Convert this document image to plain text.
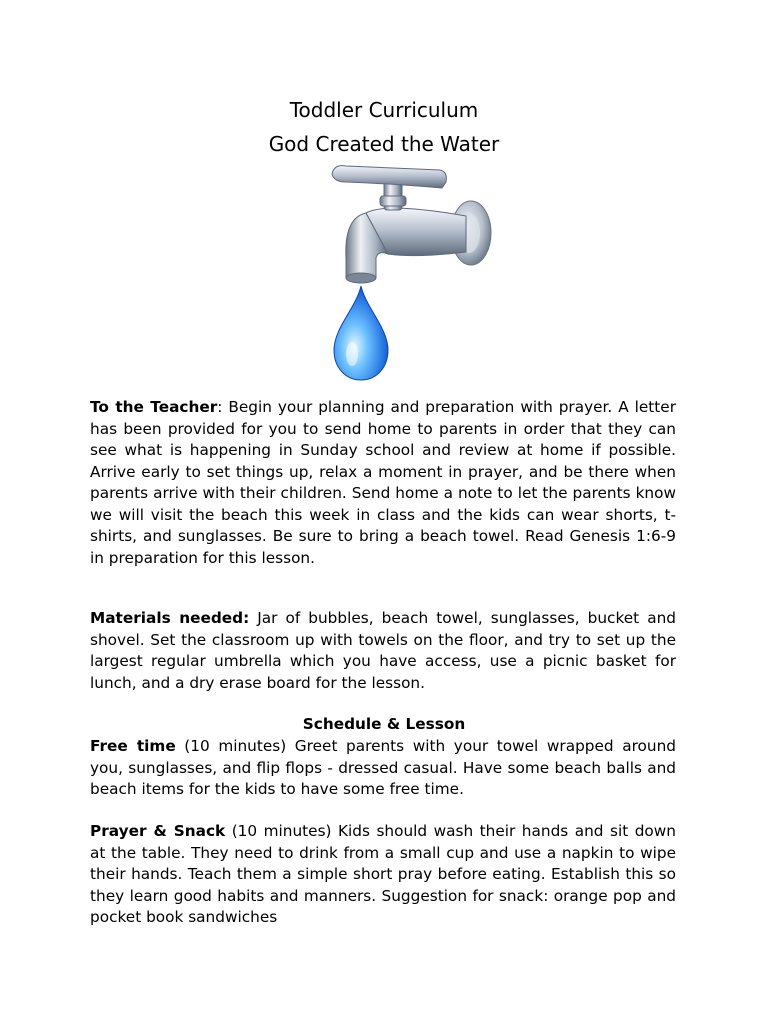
Toddler Curriculum
God Created the Water

To the Teacher: Begin your planning and preparation with prayer. A letter has been provided for you to send home to parents in order that they can see what is happening in Sunday school and review at home if possible. Arrive early to set things up, relax a moment in prayer, and be there when parents arrive with their children. Send home a note to let the parents know we will visit the beach this week in class and the kids can wear shorts, t-shirts, and sunglasses. Be sure to bring a beach towel. Read Genesis 1:6-9 in preparation for this lesson.

Materials needed: Jar of bubbles, beach towel, sunglasses, bucket and shovel. Set the classroom up with towels on the floor, and try to set up the largest regular umbrella which you have access, use a picnic basket for lunch, and a dry erase board for the lesson.

Schedule & Lesson

Free time (10 minutes) Greet parents with your towel wrapped around you, sunglasses, and flip flops - dressed casual. Have some beach balls and beach items for the kids to have some free time.

Prayer & Snack (10 minutes) Kids should wash their hands and sit down at the table. They need to drink from a small cup and use a napkin to wipe their hands. Teach them a simple short pray before eating. Establish this so they learn good habits and manners. Suggestion for snack: orange pop and pocket book sandwiches
